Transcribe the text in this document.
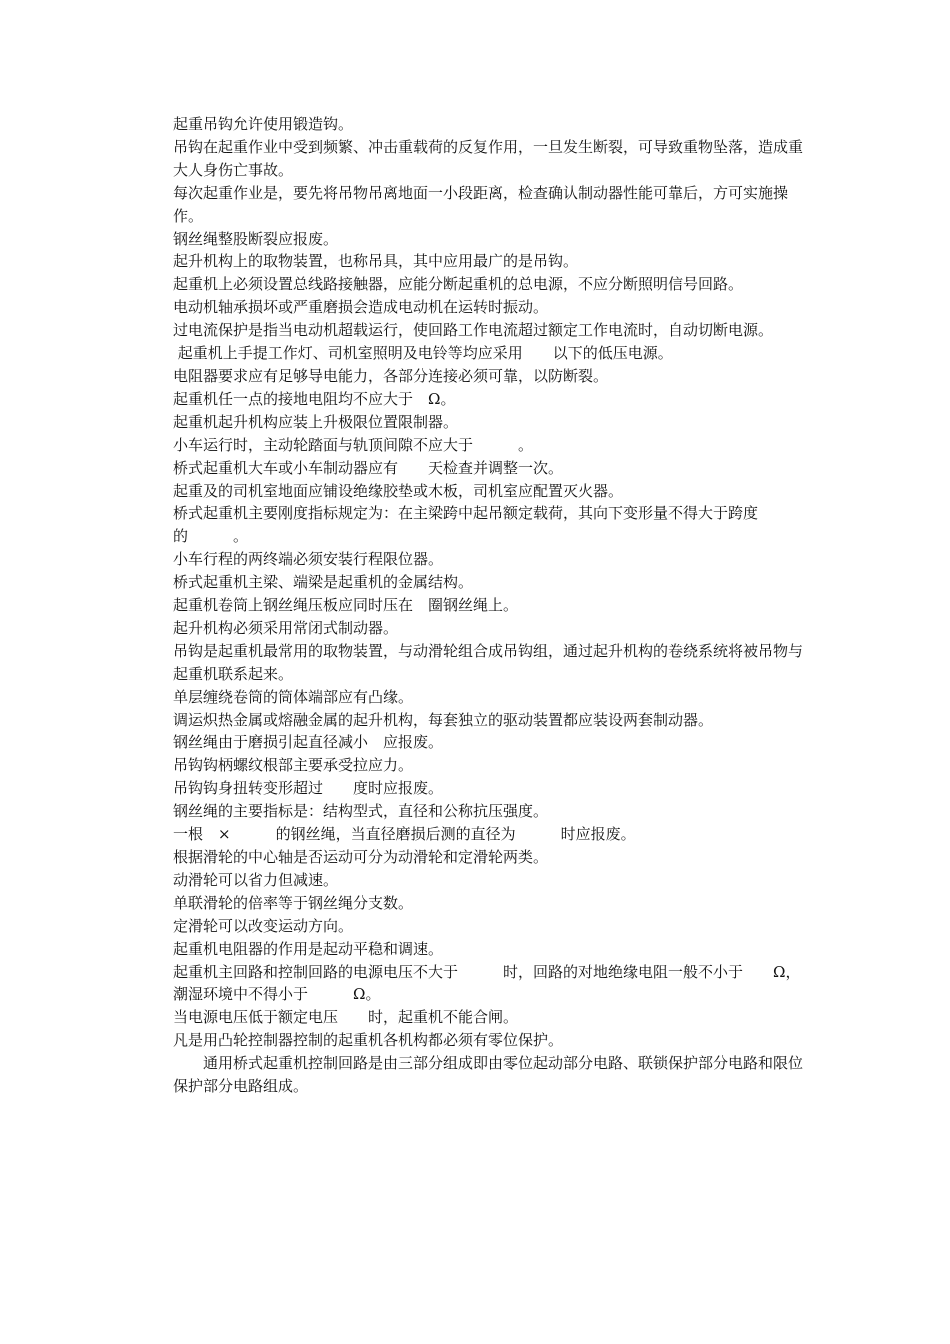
起重吊钩允许使用锻造钩。

吊钩在起重作业中受到频繁、冲击重载荷的反复作用，一旦发生断裂，可导致重物坠落，造成重大人身伤亡事故。

每次起重作业是，要先将吊物吊离地面一小段距离，检查确认制动器性能可靠后，方可实施操作。

钢丝绳整股断裂应报废。

起升机构上的取物装置，也称吊具，其中应用最广的是吊钩。

起重机上必须设置总线路接触器，应能分断起重机的总电源，不应分断照明信号回路。

电动机轴承损坏或严重磨损会造成电动机在运转时振动。

过电流保护是指当电动机超载运行，使回路工作电流超过额定工作电流时，自动切断电源。

起重机上手提工作灯、司机室照明及电铃等均应采用　　以下的低压电源。

电阻器要求应有足够导电能力，各部分连接必须可靠，以防断裂。

起重机任一点的接地电阻均不应大于　Ω。

起重机起升机构应装上升极限位置限制器。

小车运行时，主动轮踏面与轨顶间隙不应大于　　　。

桥式起重机大车或小车制动器应有　　天检查并调整一次。

起重及的司机室地面应铺设绝缘胶垫或木板，司机室应配置灭火器。

桥式起重机主要刚度指标规定为：在主梁跨中起吊额定载荷，其向下变形量不得大于跨度的　　　。

小车行程的两终端必须安装行程限位器。

桥式起重机主梁、端梁是起重机的金属结构。

起重机卷筒上钢丝绳压板应同时压在　圈钢丝绳上。

起升机构必须采用常闭式制动器。

吊钩是起重机最常用的取物装置，与动滑轮组合成吊钩组，通过起升机构的卷绕系统将被吊物与起重机联系起来。

单层缠绕卷筒的筒体端部应有凸缘。

调运炽热金属或熔融金属的起升机构，每套独立的驱动装置都应装设两套制动器。

钢丝绳由于磨损引起直径减小　应报废。

吊钩钩柄螺纹根部主要承受拉应力。

吊钩钩身扭转变形超过　　度时应报废。

钢丝绳的主要指标是：结构型式，直径和公称抗压强度。

一根　×　　　的钢丝绳，当直径磨损后测的直径为　　　时应报废。

根据滑轮的中心轴是否运动可分为动滑轮和定滑轮两类。

动滑轮可以省力但减速。

单联滑轮的倍率等于钢丝绳分支数。

定滑轮可以改变运动方向。

起重机电阻器的作用是起动平稳和调速。

起重机主回路和控制回路的电源电压不大于　　　时，回路的对地绝缘电阻一般不小于　　Ω，潮湿环境中不得小于　　　Ω。

当电源电压低于额定电压　　时，起重机不能合闸。

凡是用凸轮控制器控制的起重机各机构都必须有零位保护。

　　通用桥式起重机控制回路是由三部分组成即由零位起动部分电路、联锁保护部分电路和限位保护部分电路组成。
